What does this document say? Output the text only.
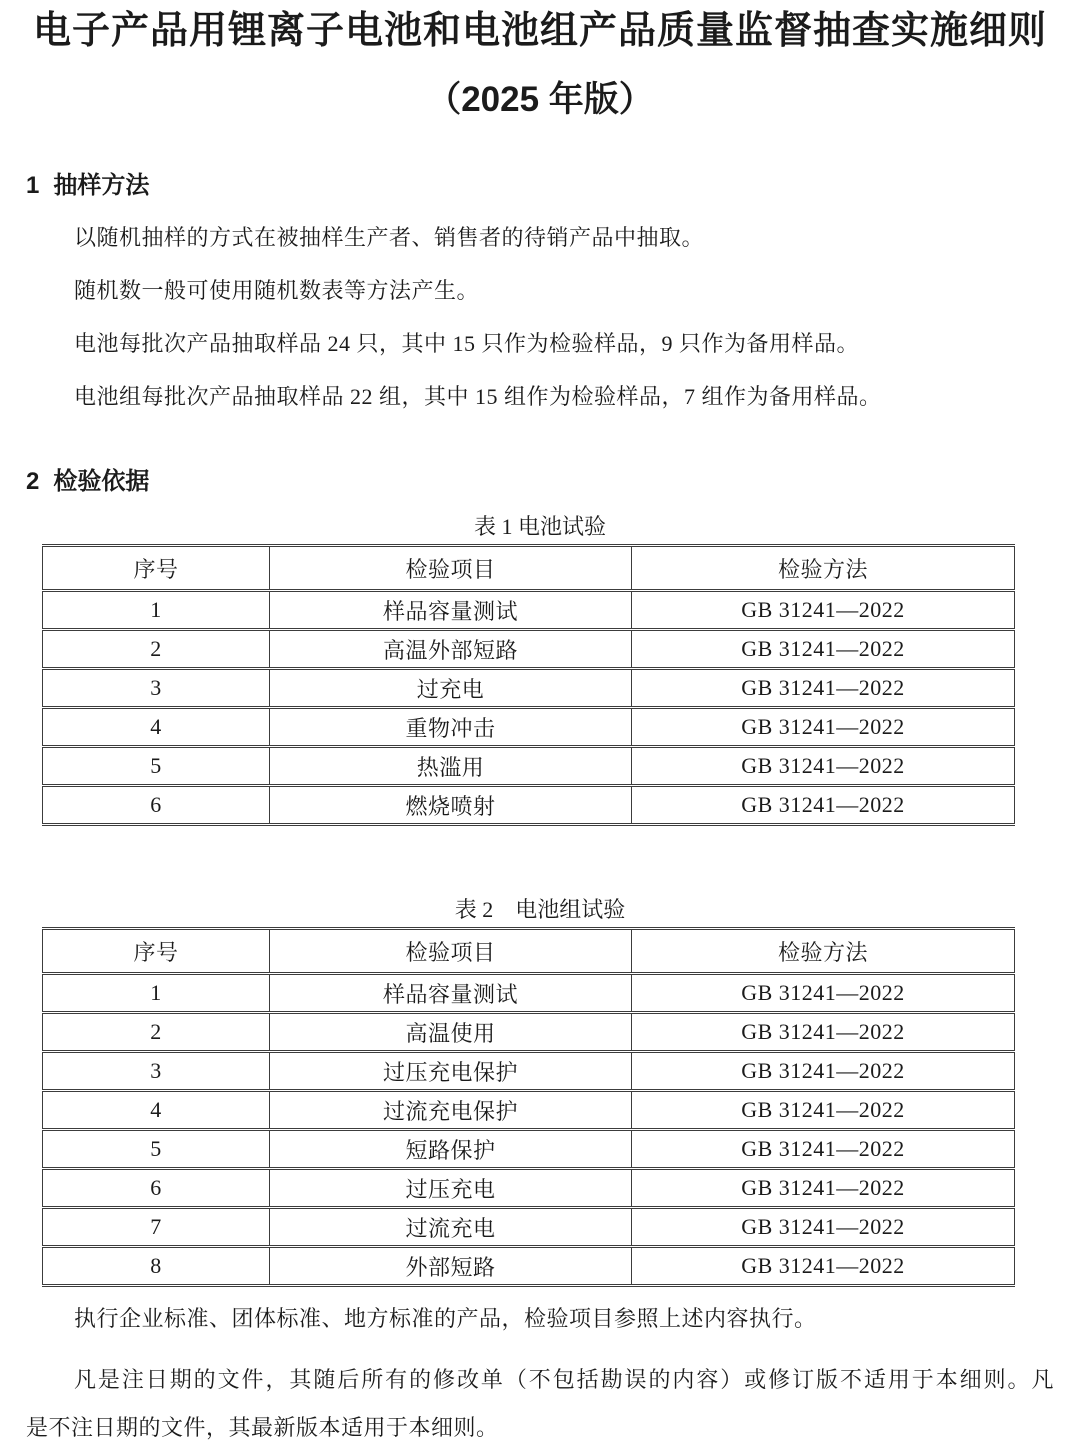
电子产品用锂离子电池和电池组产品质量监督抽查实施细则
（2025 年版）
1 抽样方法

以随机抽样的方式在被抽样生产者、销售者的待销产品中抽取。

随机数一般可使用随机数表等方法产生。

电池每批次产品抽取样品 24 只，其中 15 只作为检验样品，9 只作为备用样品。

电池组每批次产品抽取样品 22 组，其中 15 组作为检验样品，7 组作为备用样品。

2 检验依据
表 1 电池试验
序号	检验项目	检验方法
1	样品容量测试	GB 31241—2022
2	高温外部短路	GB 31241—2022
3	过充电	GB 31241—2022
4	重物冲击	GB 31241—2022
5	热滥用	GB 31241—2022
6	燃烧喷射	GB 31241—2022
表 2　电池组试验
序号	检验项目	检验方法
1	样品容量测试	GB 31241—2022
2	高温使用	GB 31241—2022
3	过压充电保护	GB 31241—2022
4	过流充电保护	GB 31241—2022
5	短路保护	GB 31241—2022
6	过压充电	GB 31241—2022
7	过流充电	GB 31241—2022
8	外部短路	GB 31241—2022

执行企业标准、团体标准、地方标准的产品，检验项目参照上述内容执行。

凡是注日期的文件，其随后所有的修改单（不包括勘误的内容）或修订版不适用于本细则。凡
是不注日期的文件，其最新版本适用于本细则。
